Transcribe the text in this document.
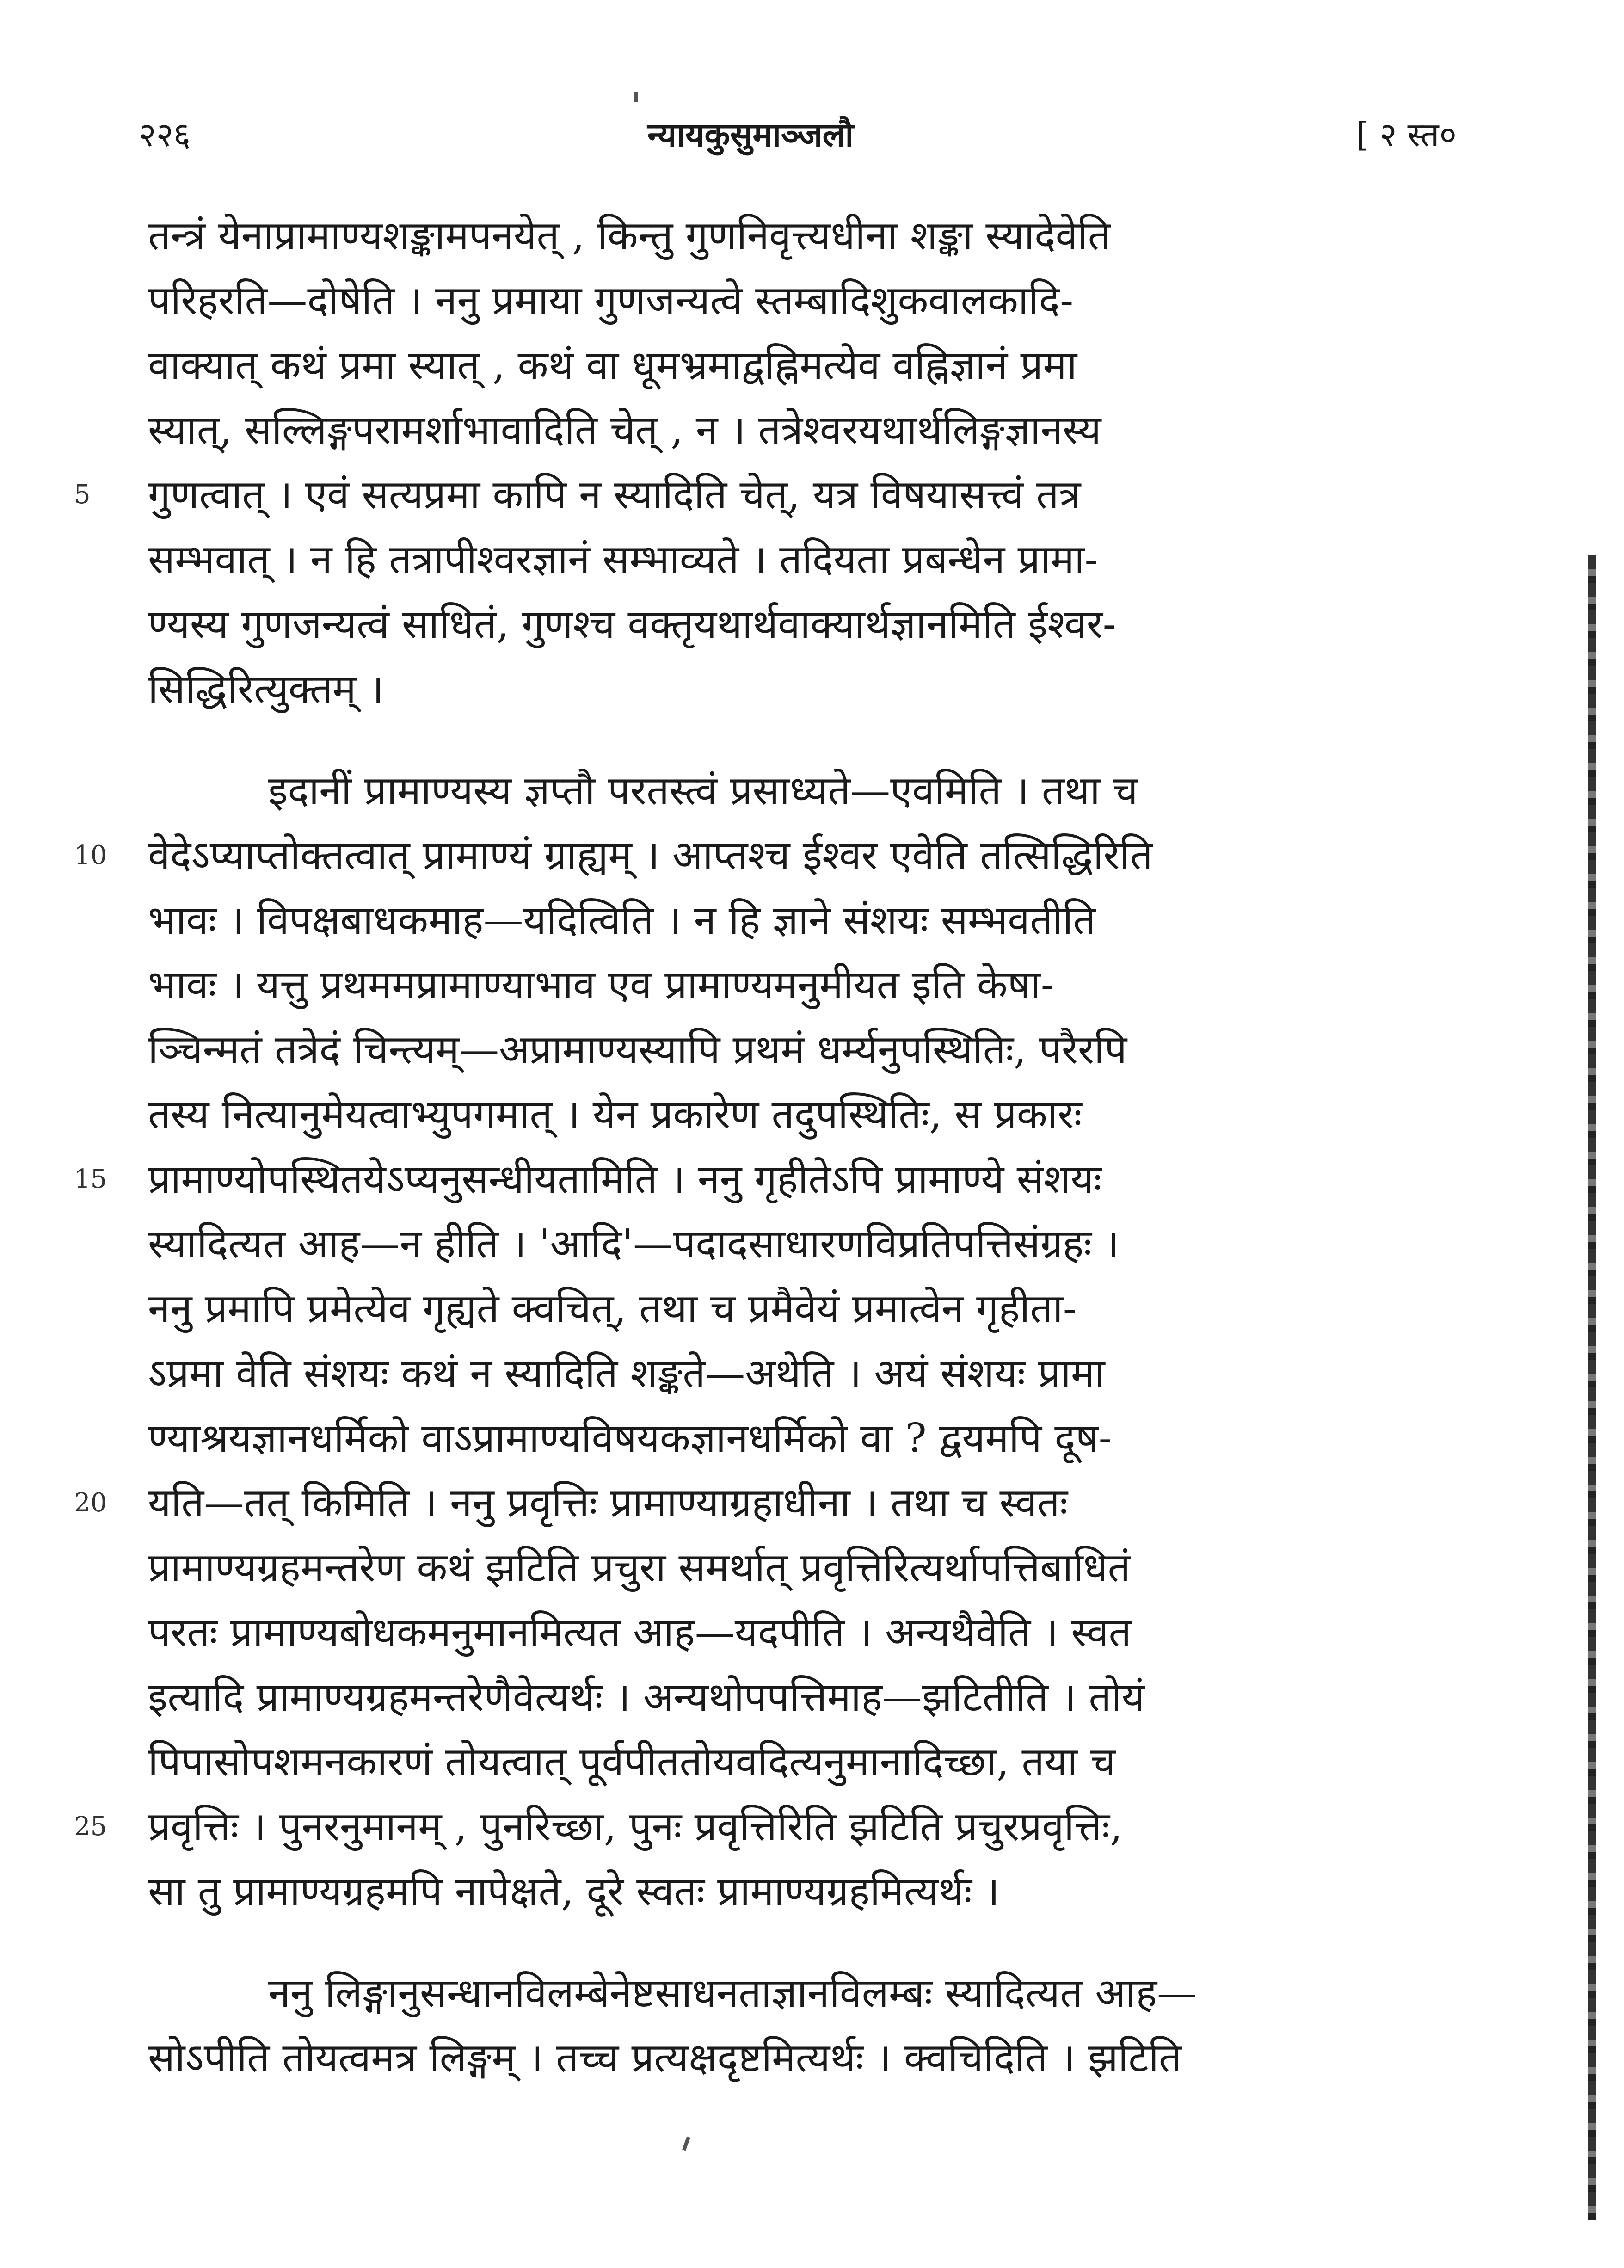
२२६	न्यायकुसुमाञ्जलौ	[ २ स्त०
तन्त्रं येनाप्रामाण्यशङ्कामपनयेत् , किन्तु गुणनिवृत्त्यधीना शङ्का स्यादेवेति
परिहरति—दोषेति । ननु प्रमाया गुणजन्यत्वे स्तम्बादिशुकवालकादि-
वाक्यात् कथं प्रमा स्यात् , कथं वा धूमभ्रमाद्वह्निमत्येव वह्निज्ञानं प्रमा
स्यात्, सल्लिङ्गपरामर्शाभावादिति चेत् , न । तत्रेश्वरयथार्थलिङ्गज्ञानस्य
5 गुणत्वात् । एवं सत्यप्रमा कापि न स्यादिति चेत्, यत्र विषयासत्त्वं तत्र
सम्भवात् । न हि तत्रापीश्वरज्ञानं सम्भाव्यते । तदियता प्रबन्धेन प्रामा-
ण्यस्य गुणजन्यत्वं साधितं, गुणश्च वक्तृयथार्थवाक्यार्थज्ञानमिति ईश्वर-
सिद्धिरित्युक्तम् ।
इदानीं प्रामाण्यस्य ज्ञप्तौ परतस्त्वं प्रसाध्यते—एवमिति । तथा च
10 वेदेऽप्याप्तोक्तत्वात् प्रामाण्यं ग्राह्यम् । आप्तश्च ईश्वर एवेति तत्सिद्धिरिति
भावः । विपक्षबाधकमाह—यदित्विति । न हि ज्ञाने संशयः सम्भवतीति
भावः । यत्तु प्रथममप्रामाण्याभाव एव प्रामाण्यमनुमीयत इति केषा-
ञ्चिन्मतं तत्रेदं चिन्त्यम्—अप्रामाण्यस्यापि प्रथमं धर्म्यनुपस्थितिः, परैरपि
तस्य नित्यानुमेयत्वाभ्युपगमात् । येन प्रकारेण तदुपस्थितिः, स प्रकारः
15 प्रामाण्योपस्थितयेऽप्यनुसन्धीयतामिति । ननु गृहीतेऽपि प्रामाण्ये संशयः
स्यादित्यत आह—न हीति । 'आदि'—पदादसाधारणविप्रतिपत्तिसंग्रहः ।
ननु प्रमापि प्रमेत्येव गृह्यते क्वचित्, तथा च प्रमैवेयं प्रमात्वेन गृहीता-
ऽप्रमा वेति संशयः कथं न स्यादिति शङ्कते—अथेति । अयं संशयः प्रामा
ण्याश्रयज्ञानधर्मिको वाऽप्रामाण्यविषयकज्ञानधर्मिको वा ? द्वयमपि दूष-
20 यति—तत् किमिति । ननु प्रवृत्तिः प्रामाण्याग्रहाधीना । तथा च स्वतः
प्रामाण्यग्रहमन्तरेण कथं झटिति प्रचुरा समर्थात् प्रवृत्तिरित्यर्थापत्तिबाधितं
परतः प्रामाण्यबोधकमनुमानमित्यत आह—यदपीति । अन्यथैवेति । स्वत
इत्यादि प्रामाण्यग्रहमन्तरेणैवेत्यर्थः । अन्यथोपपत्तिमाह—झटितीति । तोयं
पिपासोपशमनकारणं तोयत्वात् पूर्वपीततोयवदित्यनुमानादिच्छा, तया च
25 प्रवृत्तिः । पुनरनुमानम् , पुनरिच्छा, पुनः प्रवृत्तिरिति झटिति प्रचुरप्रवृत्तिः,
सा तु प्रामाण्यग्रहमपि नापेक्षते, दूरे स्वतः प्रामाण्यग्रहमित्यर्थः ।
ननु लिङ्गानुसन्धानविलम्बेनेष्टसाधनताज्ञानविलम्बः स्यादित्यत आह—
सोऽपीति तोयत्वमत्र लिङ्गम् । तच्च प्रत्यक्षदृष्टमित्यर्थः । क्वचिदिति । झटिति
